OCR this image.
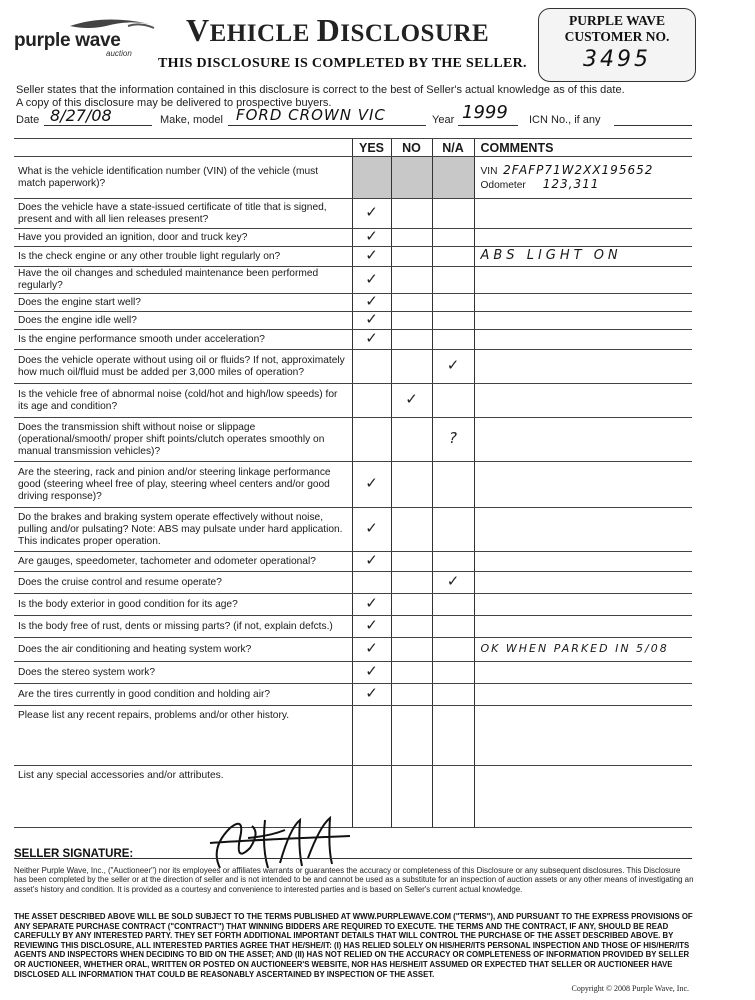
purple wave
auction
VEHICLE DISCLOSURE
THIS DISCLOSURE IS COMPLETED BY THE SELLER.
PURPLE WAVE
CUSTOMER NO.
3495
Seller states that the information contained in this disclosure is correct to the best of Seller's actual knowledge as of this date.
A copy of this disclosure may be delivered to prospective buyers.
Date 8/27/08	Make, model FORD CROWN VIC	Year 1999 ICN No., if any
	YES	NO	N/A	COMMENTS
What is the vehicle identification number (VIN) of the vehicle (must match paperwork)?				VIN 2FAFP71W2XX195652
Odometer 123,311

Does the vehicle have a state-issued certificate of title that is signed, present and with all lien releases present?	✓			
Have you provided an ignition, door and truck key?	✓			
Is the check engine or any other trouble light regularly on?	✓			ABS LIGHT ON
Have the oil changes and scheduled maintenance been performed regularly?	✓			
Does the engine start well?	✓			
Does the engine idle well?	✓			
Is the engine performance smooth under acceleration?	✓			
Does the vehicle operate without using oil or fluids? If not, approximately how much oil/fluid must be added per 3,000 miles of operation?			✓	
Is the vehicle free of abnormal noise (cold/hot and high/low speeds) for its age and condition?		✓		
Does the transmission shift without noise or slippage (operational/smooth/ proper shift points/clutch operates smoothly on manual transmission vehicles)?			?	
Are the steering, rack and pinion and/or steering linkage performance good (steering wheel free of play, steering wheel centers and/or good driving response)?	✓			
Do the brakes and braking system operate effectively without noise, pulling and/or pulsating? Note: ABS may pulsate under hard application. This indicates proper operation.	✓			
Are gauges, speedometer, tachometer and odometer operational?	✓			
Does the cruise control and resume operate?			✓	
Is the body exterior in good condition for its age?	✓			
Is the body free of rust, dents or missing parts? (if not, explain defcts.)	✓			
Does the air conditioning and heating system work?	✓			OK WHEN PARKED IN 5/08
Does the stereo system work?	✓			
Are the tires currently in good condition and holding air?	✓			
Please list any recent repairs, problems and/or other history.				
List any special accessories and/or attributes.				
SELLER SIGNATURE:
Neither Purple Wave, Inc., ("Auctioneer") nor its employees or affiliates warrants or guarantees the accuracy or completeness of this Disclosure or any subsequent disclosures. This Disclosure has been completed by the seller or at the direction of seller and is not intended to be and cannot be used as a substitute for an inspection of auction assets or any other means of investigating an asset's history and condition. It is provided as a courtesy and convenience to interested parties and is based on Seller's current actual knowledge.
THE ASSET DESCRIBED ABOVE WILL BE SOLD SUBJECT TO THE TERMS PUBLISHED AT WWW.PURPLEWAVE.COM ("TERMS"), AND PURSUANT TO THE EXPRESS PROVISIONS OF ANY SEPARATE PURCHASE CONTRACT ("CONTRACT") THAT WINNING BIDDERS ARE REQUIRED TO EXECUTE. THE TERMS AND THE CONTRACT, IF ANY, SHOULD BE READ CAREFULLY BY ANY INTERESTED PARTY. THEY SET FORTH ADDITIONAL IMPORTANT DETAILS THAT WILL CONTROL THE PURCHASE OF THE ASSET DESCRIBED ABOVE. BY REVIEWING THIS DISCLOSURE, ALL INTERESTED PARTIES AGREE THAT HE/SHE/IT: (I) HAS RELIED SOLELY ON HIS/HER/ITS PERSONAL INSPECTION AND THOSE OF HIS/HER/ITS AGENTS AND INSPECTORS WHEN DECIDING TO BID ON THE ASSET; AND (II) HAS NOT RELIED ON THE ACCURACY OR COMPLETENESS OF INFORMATION PROVIDED BY SELLER OR AUCTIONEER, WHETHER ORAL, WRITTEN OR POSTED ON AUCTIONEER'S WEBSITE, NOR HAS HE/SHE/IT ASSUMED OR EXPECTED THAT SELLER OR AUCTIONEER HAVE DISCLOSED ALL INFORMATION THAT COULD BE REASONABLY ASCERTAINED BY INSPECTION OF THE ASSET.
Copyright © 2008 Purple Wave, Inc.
